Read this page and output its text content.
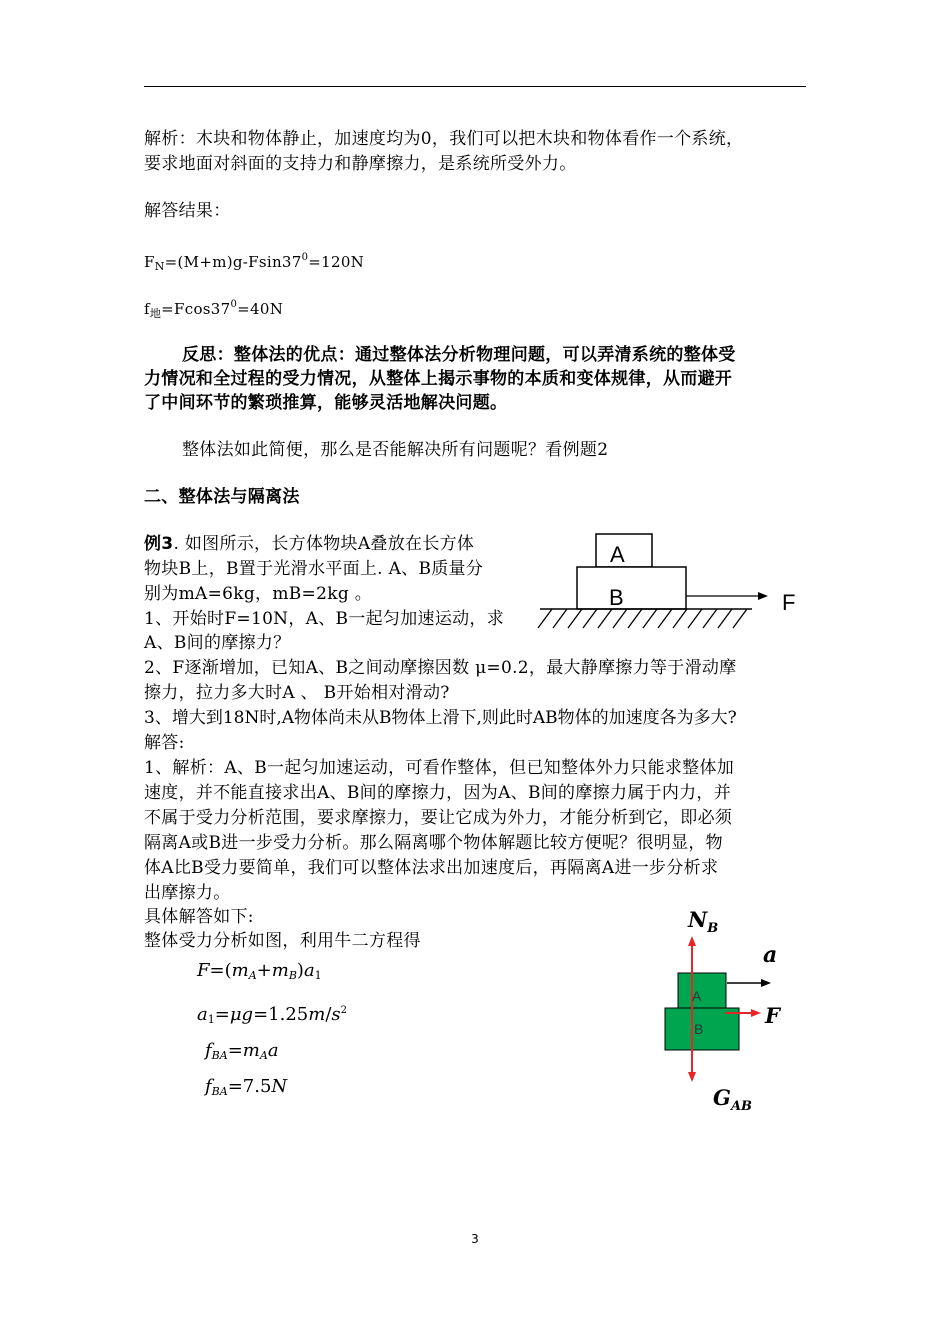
解析：木块和物体静止，加速度均为0，我们可以把木块和物体看作一个系统，
要求地面对斜面的支持力和静摩擦力，是系统所受外力。
解答结果：
$F_N=(M+m)g-Fsin37^0=120N$
$f_地=Fcos37^0=40N$
反思：整体法的优点：通过整体法分析物理问题，可以弄清系统的整体受
力情况和全过程的受力情况，从整体上揭示事物的本质和变体规律，从而避开
了中间环节的繁琐推算，能够灵活地解决问题。
整体法如此简便，那么是否能解决所有问题呢？看例题2
二、整体法与隔离法
例3. 如图所示，长方体物块A叠放在长方体
物块B上，B置于光滑水平面上. A、B质量分
别为mA=6kg，mB=2kg 。
1、开始时F=10N，A、B一起匀加速运动，求
A、B间的摩擦力？
2、F逐渐增加，已知A、B之间动摩擦因数 μ=0.2，最大静摩擦力等于滑动摩
擦力，拉力多大时A 、 B开始相对滑动?
3、增大到18N时,A物体尚未从B物体上滑下,则此时AB物体的加速度各为多大?
解答:
1、解析：A、B一起匀加速运动，可看作整体，但已知整体外力只能求整体加
速度，并不能直接求出A、B间的摩擦力，因为A、B间的摩擦力属于内力，并
不属于受力分析范围，要求摩擦力，要让它成为外力，才能分析到它，即必须
隔离A或B进一步受力分析。那么隔离哪个物体解题比较方便呢？很明显，物
体A比B受力要简单，我们可以整体法求出加速度后，再隔离A进一步分析求
出摩擦力。
具体解答如下:
整体受力分析如图，利用牛二方程得
$F=(m_A+m_B)a_1$
$a_1=\mu g=1.25m/s^2$
$f_{BA}=m_Aa$
$f_{BA}=7.5N$
A
B	F
$N_B$
a
F
A
B
$G_{AB}$
3
